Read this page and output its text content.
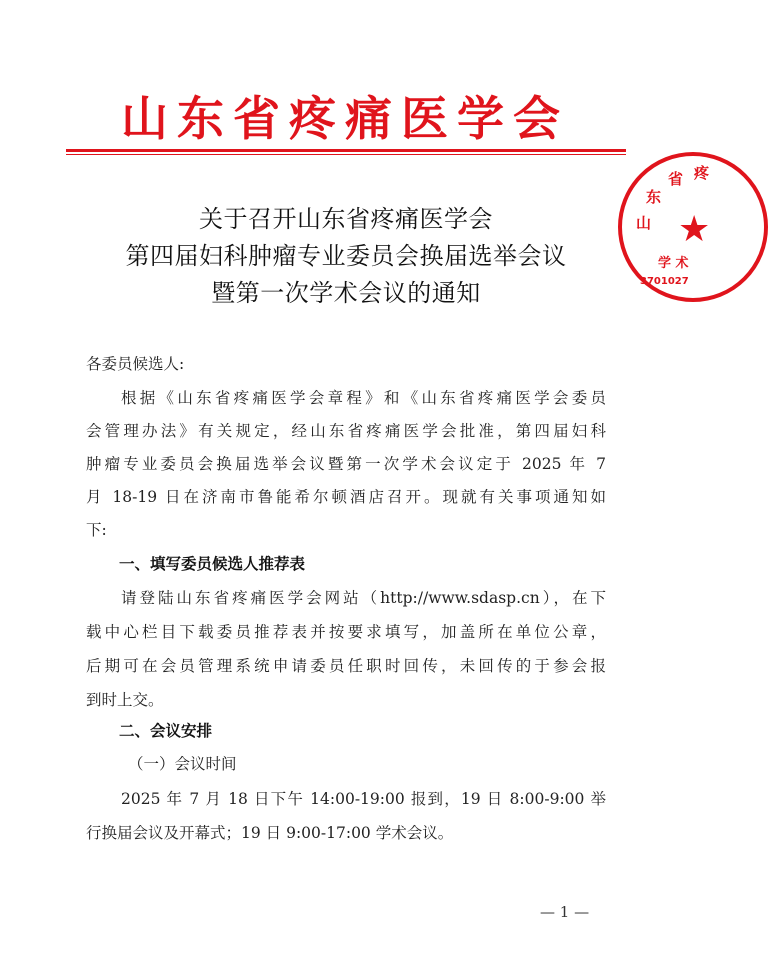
山东省疼痛医学会
山
东
省 疼
★
学 术
3701027
关于召开山东省疼痛医学会
第四届妇科肿瘤专业委员会换届选举会议
暨第一次学术会议的通知
各委员候选人:
根据《山东省疼痛医学会章程》和《山东省疼痛医学会委员
会管理办法》有关规定，经山东省疼痛医学会批准，第四届妇科
肿瘤专业委员会换届选举会议暨第一次学术会议定于 2025 年 7
月 18-19 日在济南市鲁能希尔顿酒店召开。现就有关事项通知如
下:
一、填写委员候选人推荐表
请登陆山东省疼痛医学会网站（http://www.sdasp.cn），在下
载中心栏目下载委员推荐表并按要求填写，加盖所在单位公章，
后期可在会员管理系统申请委员任职时回传，未回传的于参会报
到时上交。
二、会议安排
（一）会议时间
2025 年 7 月 18 日下午 14:00-19:00 报到，19 日 8:00-9:00 举
行换届会议及开幕式；19 日 9:00-17:00 学术会议。
— 1 —
